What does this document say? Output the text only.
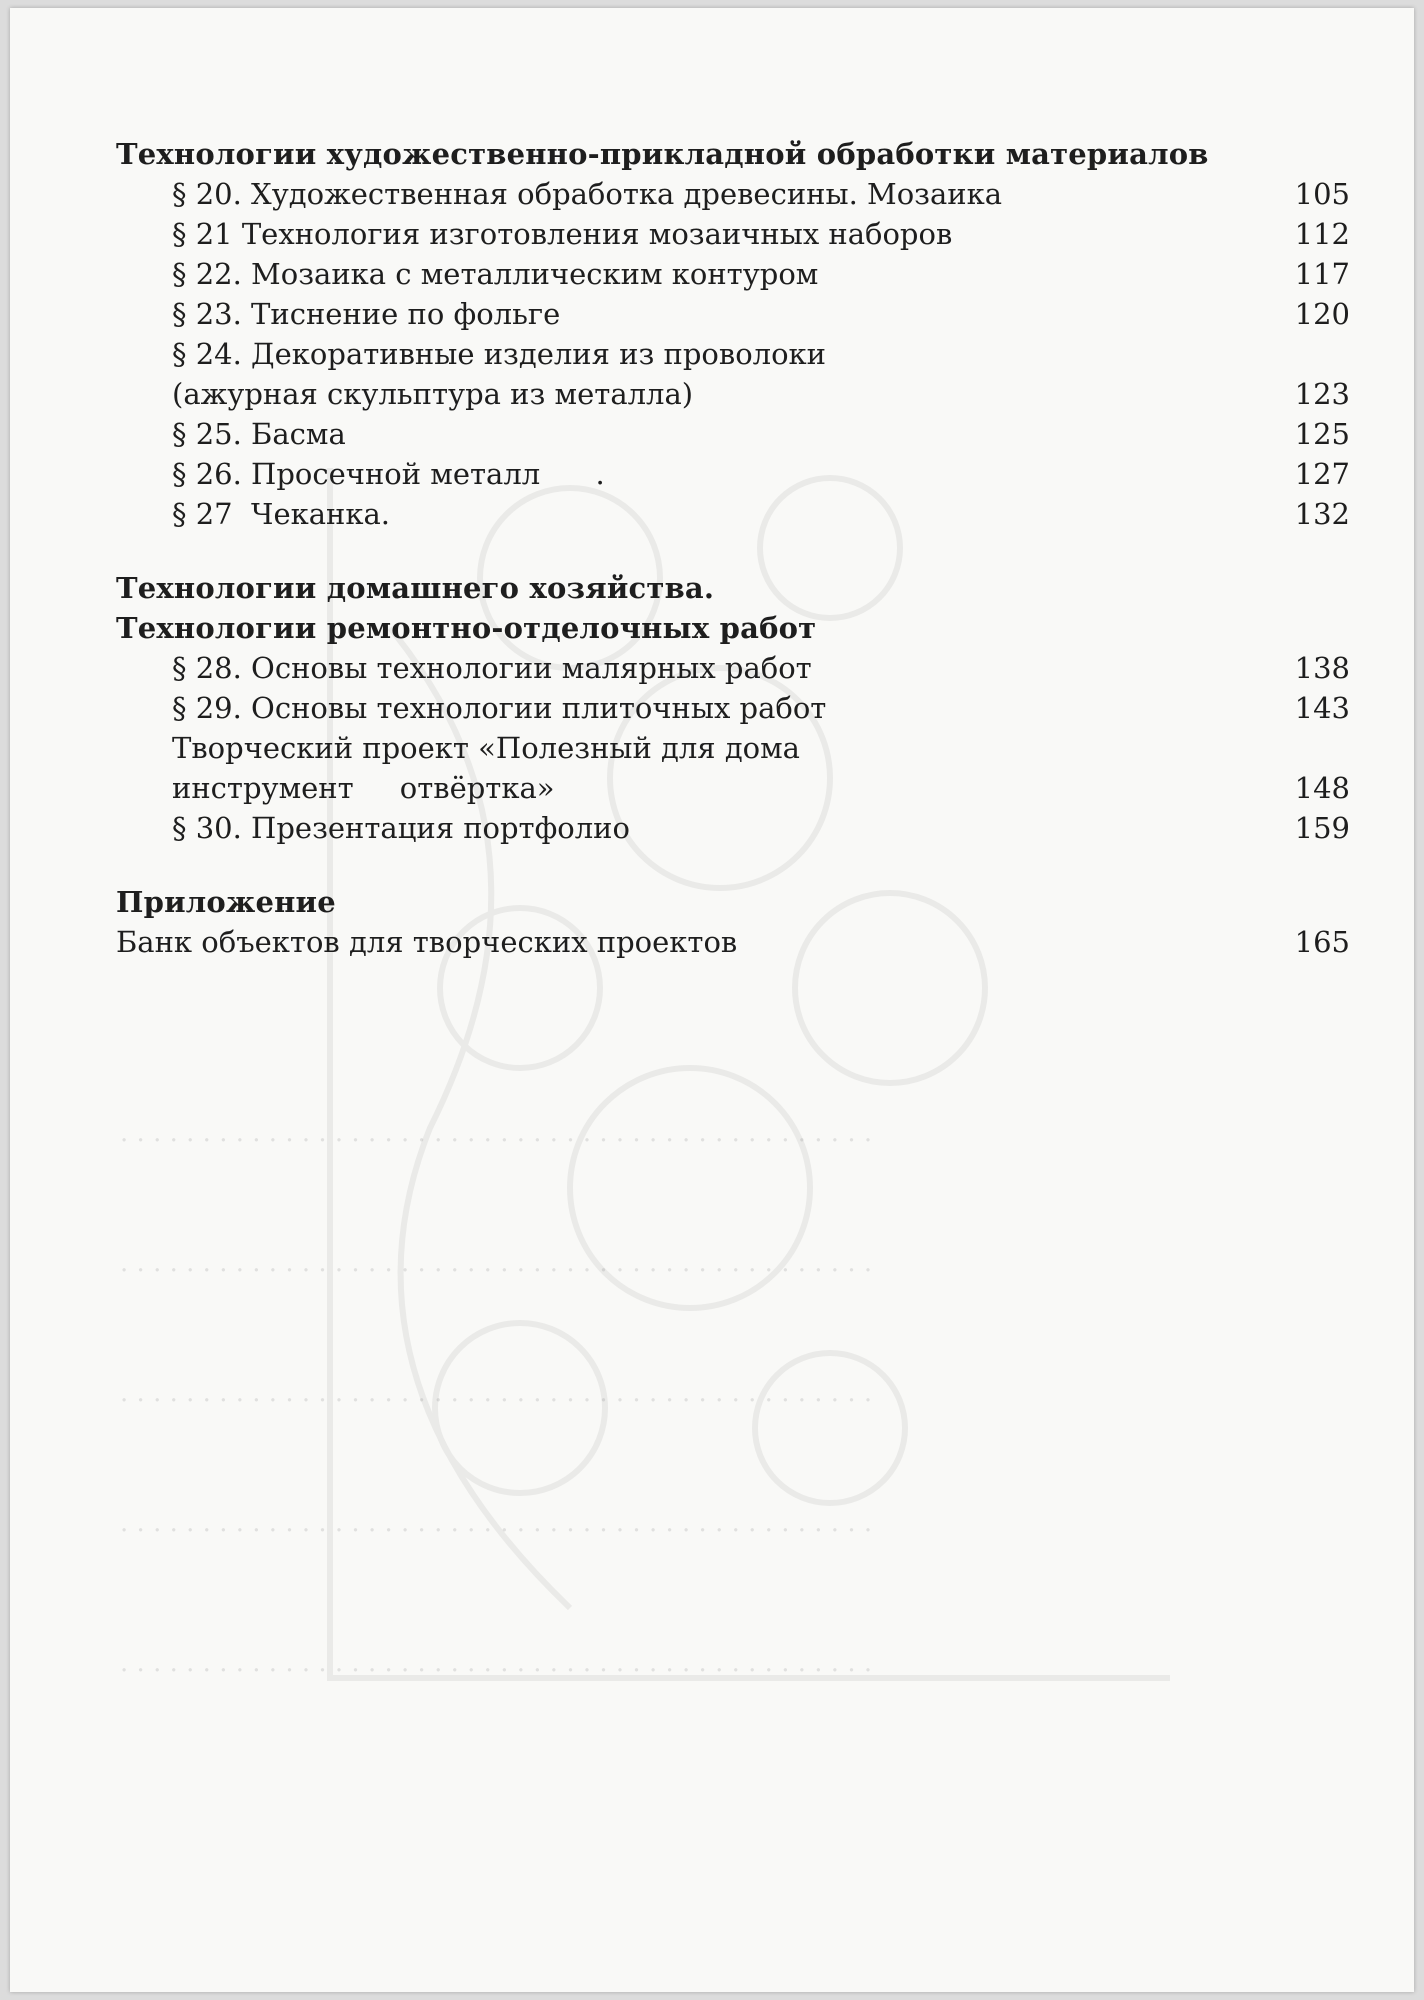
. . . . . . . . . . . . . . . . . . . . . . . . . . . . . . . . . . . . . . . . . . . . . .
. . . . . . . . . . . . . . . . . . . . . . . . . . . . . . . . . . . . . . . . . . . . . .
. . . . . . . . . . . . . . . . . . . . . . . . . . . . . . . . . . . . . . . . . . . . . .
. . . . . . . . . . . . . . . . . . . . . . . . . . . . . . . . . . . . . . . . . . . . . .
. . . . . . . . . . . . . . . . . . . . . . . . . . . . . . . . . . . . . . . . . . . . . .
Технологии художественно-прикладной обработки материалов
§ 20. Художественная обработка древесины. Мозаика	105
§ 21 Технология изготовления мозаичных наборов	112
§ 22. Мозаика с металлическим контуром	117
§ 23. Тиснение по фольге	120
§ 24. Декоративные изделия из проволоки
(ажурная скульптура из металла)	123
§ 25. Басма	125
§ 26. Просечной металл      .	127
§ 27  Чеканка.	132
Технологии домашнего хозяйства.
Технологии ремонтно-отделочных работ
§ 28. Основы технологии малярных работ	138
§ 29. Основы технологии плиточных работ	143
Творческий проект «Полезный для дома
инструмент     отвёртка»	148
§ 30. Презентация портфолио	159
Приложение
Банк объектов для творческих проектов	165
